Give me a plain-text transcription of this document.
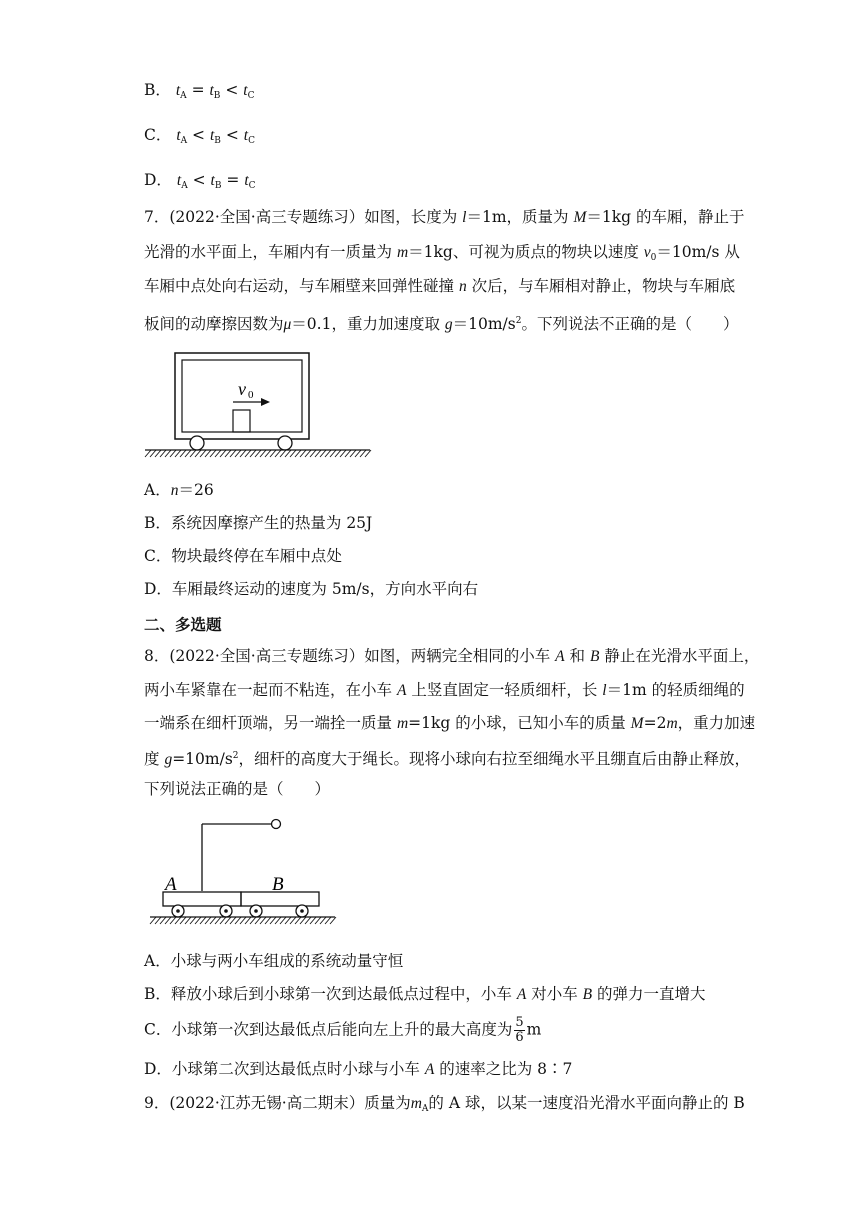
B． $t_A = t_B < t_C$
C． $t_A < t_B < t_C$
D． $t_A < t_B = t_C$
7．(2022·全国·高三专题练习）如图，长度为 l＝1m，质量为 M＝1kg 的车厢，静止于
光滑的水平面上，车厢内有一质量为 m＝1kg、可视为质点的物块以速度 $v_0=10m/s$ 从
车厢中点处向右运动，与车厢壁来回弹性碰撞 n 次后，与车厢相对静止，物块与车厢底
板间的动摩擦因数为μ＝0.1，重力加速度取 $g=10m/s^2$。下列说法不正确的是（　　）
v 0
A．n＝26
B．系统因摩擦产生的热量为 25J
C．物块最终停在车厢中点处
D．车厢最终运动的速度为 5m/s，方向水平向右
二、多选题
8．(2022·全国·高三专题练习）如图，两辆完全相同的小车 A 和 B 静止在光滑水平面上，
两小车紧靠在一起而不粘连，在小车 A 上竖直固定一轻质细杆，长 l＝1m 的轻质细绳的
一端系在细杆顶端，另一端拴一质量 m=1kg 的小球，已知小车的质量 M=2m，重力加速
度 $g=10m/s^2$，细杆的高度大于绳长。现将小球向右拉至细绳水平且绷直后由静止释放，
下列说法正确的是（　　）
A	B
A．小球与两小车组成的系统动量守恒
B．释放小球后到小球第一次到达最低点过程中，小车 A 对小车 B 的弹力一直增大
C．小球第一次到达最低点后能向左上升的最大高度为 $\frac{5}{6}$ m
D．小球第二次到达最低点时小球与小车 A 的速率之比为 8∶7
9．(2022·江苏无锡·高二期末）质量为$m_A$的 A 球，以某一速度沿光滑水平面向静止的 B
